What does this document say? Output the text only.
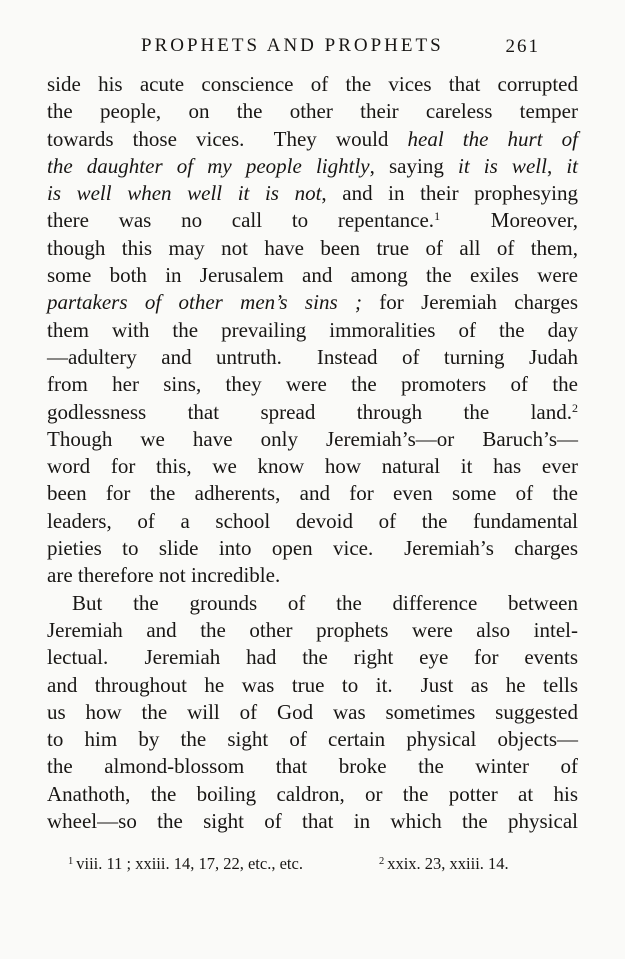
PROPHETS AND PROPHETS	261
side his acute conscience of the vices that corrupted
the people, on the other their careless temper
towards those vices.  They would heal the hurt of
the daughter of my people lightly, saying it is well, it
is well when well it is not, and in their prophesying
there was no call to repentance.$^1$  Moreover,
though this may not have been true of all of them,
some both in Jerusalem and among the exiles were
partakers of other men’s sins ; for Jeremiah charges
them with the prevailing immoralities of the day
—adultery and untruth.  Instead of turning Judah
from her sins, they were the promoters of the
godlessness that spread through the land.$^2$
Though we have only Jeremiah’s—or Baruch’s—
word for this, we know how natural it has ever
been for the adherents, and for even some of the
leaders, of a school devoid of the fundamental
pieties to slide into open vice.  Jeremiah’s charges
are therefore not incredible.
But the grounds of the difference between
Jeremiah and the other prophets were also intel-
lectual.  Jeremiah had the right eye for events
and throughout he was true to it.  Just as he tells
us how the will of God was sometimes suggested
to him by the sight of certain physical objects—
the almond-blossom that broke the winter of
Anathoth, the boiling caldron, or the potter at his
wheel—so the sight of that in which the physical
$^1$ viii. 11 ; xxiii. 14, 17, 22, etc., etc.	$^2$ xxix. 23, xxiii. 14.
